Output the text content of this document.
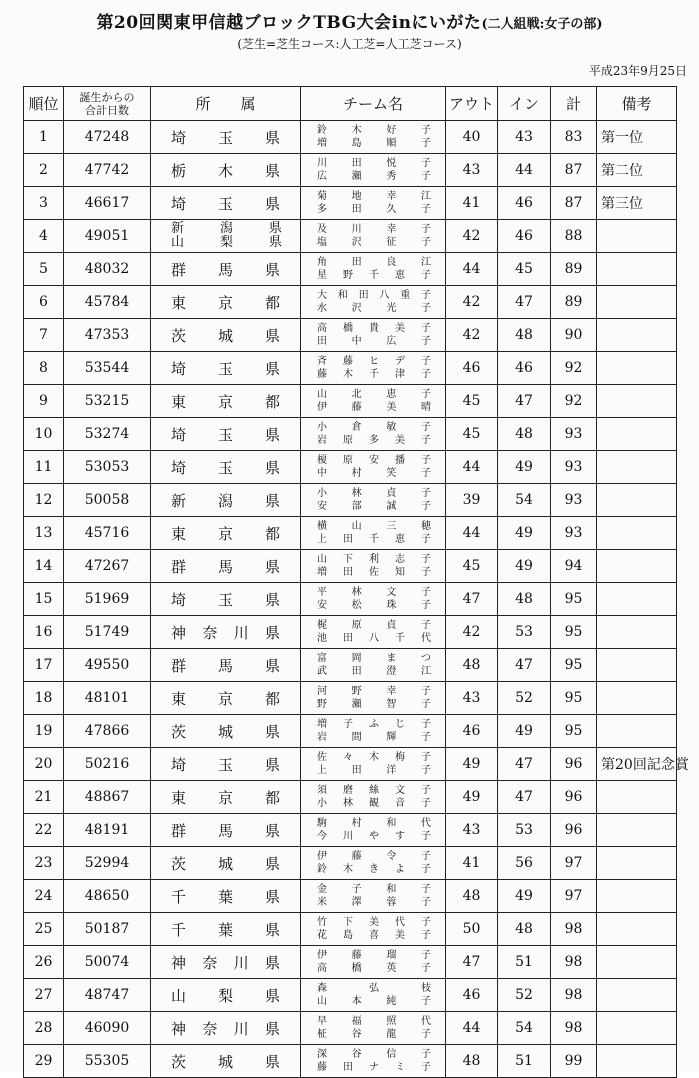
第20回関東甲信越ブロックTBG大会inにいがた(二人組戦:女子の部)
(芝生=芝生コース:人工芝=人工芝コース)
平成23年9月25日
順位	誕生からの
合計日数	所　　属	チーム名	アウト	イン	計	備考
1	47248	埼玉県	鈴木好子
増島順子	40	43	83	第一位
2	47742	栃木県	川田悦子
広瀬秀子	43	44	87	第二位
3	46617	埼玉県	菊地幸江
多田久子	41	46	87	第三位
4	49051	新潟県
山梨県	及川幸子
塩沢征子	42	46	88	
5	48032	群馬県	角田良江
星野千恵子	44	45	89	
6	45784	東京都	大和田八重子
水沢光子	42	47	89	
7	47353	茨城県	高橋貴美子
田中広子	42	48	90	
8	53544	埼玉県	斉藤ヒデ子
藤木千津子	46	46	92	
9	53215	東京都	山北恵子
伊藤美晴	45	47	92	
10	53274	埼玉県	小倉敏子
岩原多美子	45	48	93	
11	53053	埼玉県	榎原安播子
中村笑子	44	49	93	
12	50058	新潟県	小林貞子
安部誠子	39	54	93	
13	45716	東京都	横山三穂
上田千恵子	44	49	93	
14	47267	群馬県	山下利志子
増田佐知子	45	49	94	
15	51969	埼玉県	平林文子
安松珠子	47	48	95	
16	51749	神奈川県	梶原貞子
池田八千代	42	53	95	
17	49550	群馬県	富岡まつ
武田澄江	48	47	95	
18	48101	東京都	河野幸子
野瀬智子	43	52	95	
19	47866	茨城県	増子ふじ子
岩間輝子	46	49	95	
20	50216	埼玉県	佐々木梅子
上田洋子	49	47	96	第20回記念賞
21	48867	東京都	須磨絲文子
小林観音子	49	47	96	
22	48191	群馬県	駒村和代
今川やす子	43	53	96	
23	52994	茨城県	伊藤令子
鈴木きよ子	41	56	97	
24	48650	千葉県	金子和子
米澤蓉子	48	49	97	
25	50187	千葉県	竹下美代子
花島喜美子	50	48	98	
26	50074	神奈川県	伊藤瑠子
高橋英子	47	51	98	
27	48747	山梨県	森弘枝
山本純子	46	52	98	
28	46090	神奈川県	早福照代
柾谷龍子	44	54	98	
29	55305	茨城県	深谷信子
藤田ナミ子	48	51	99	
